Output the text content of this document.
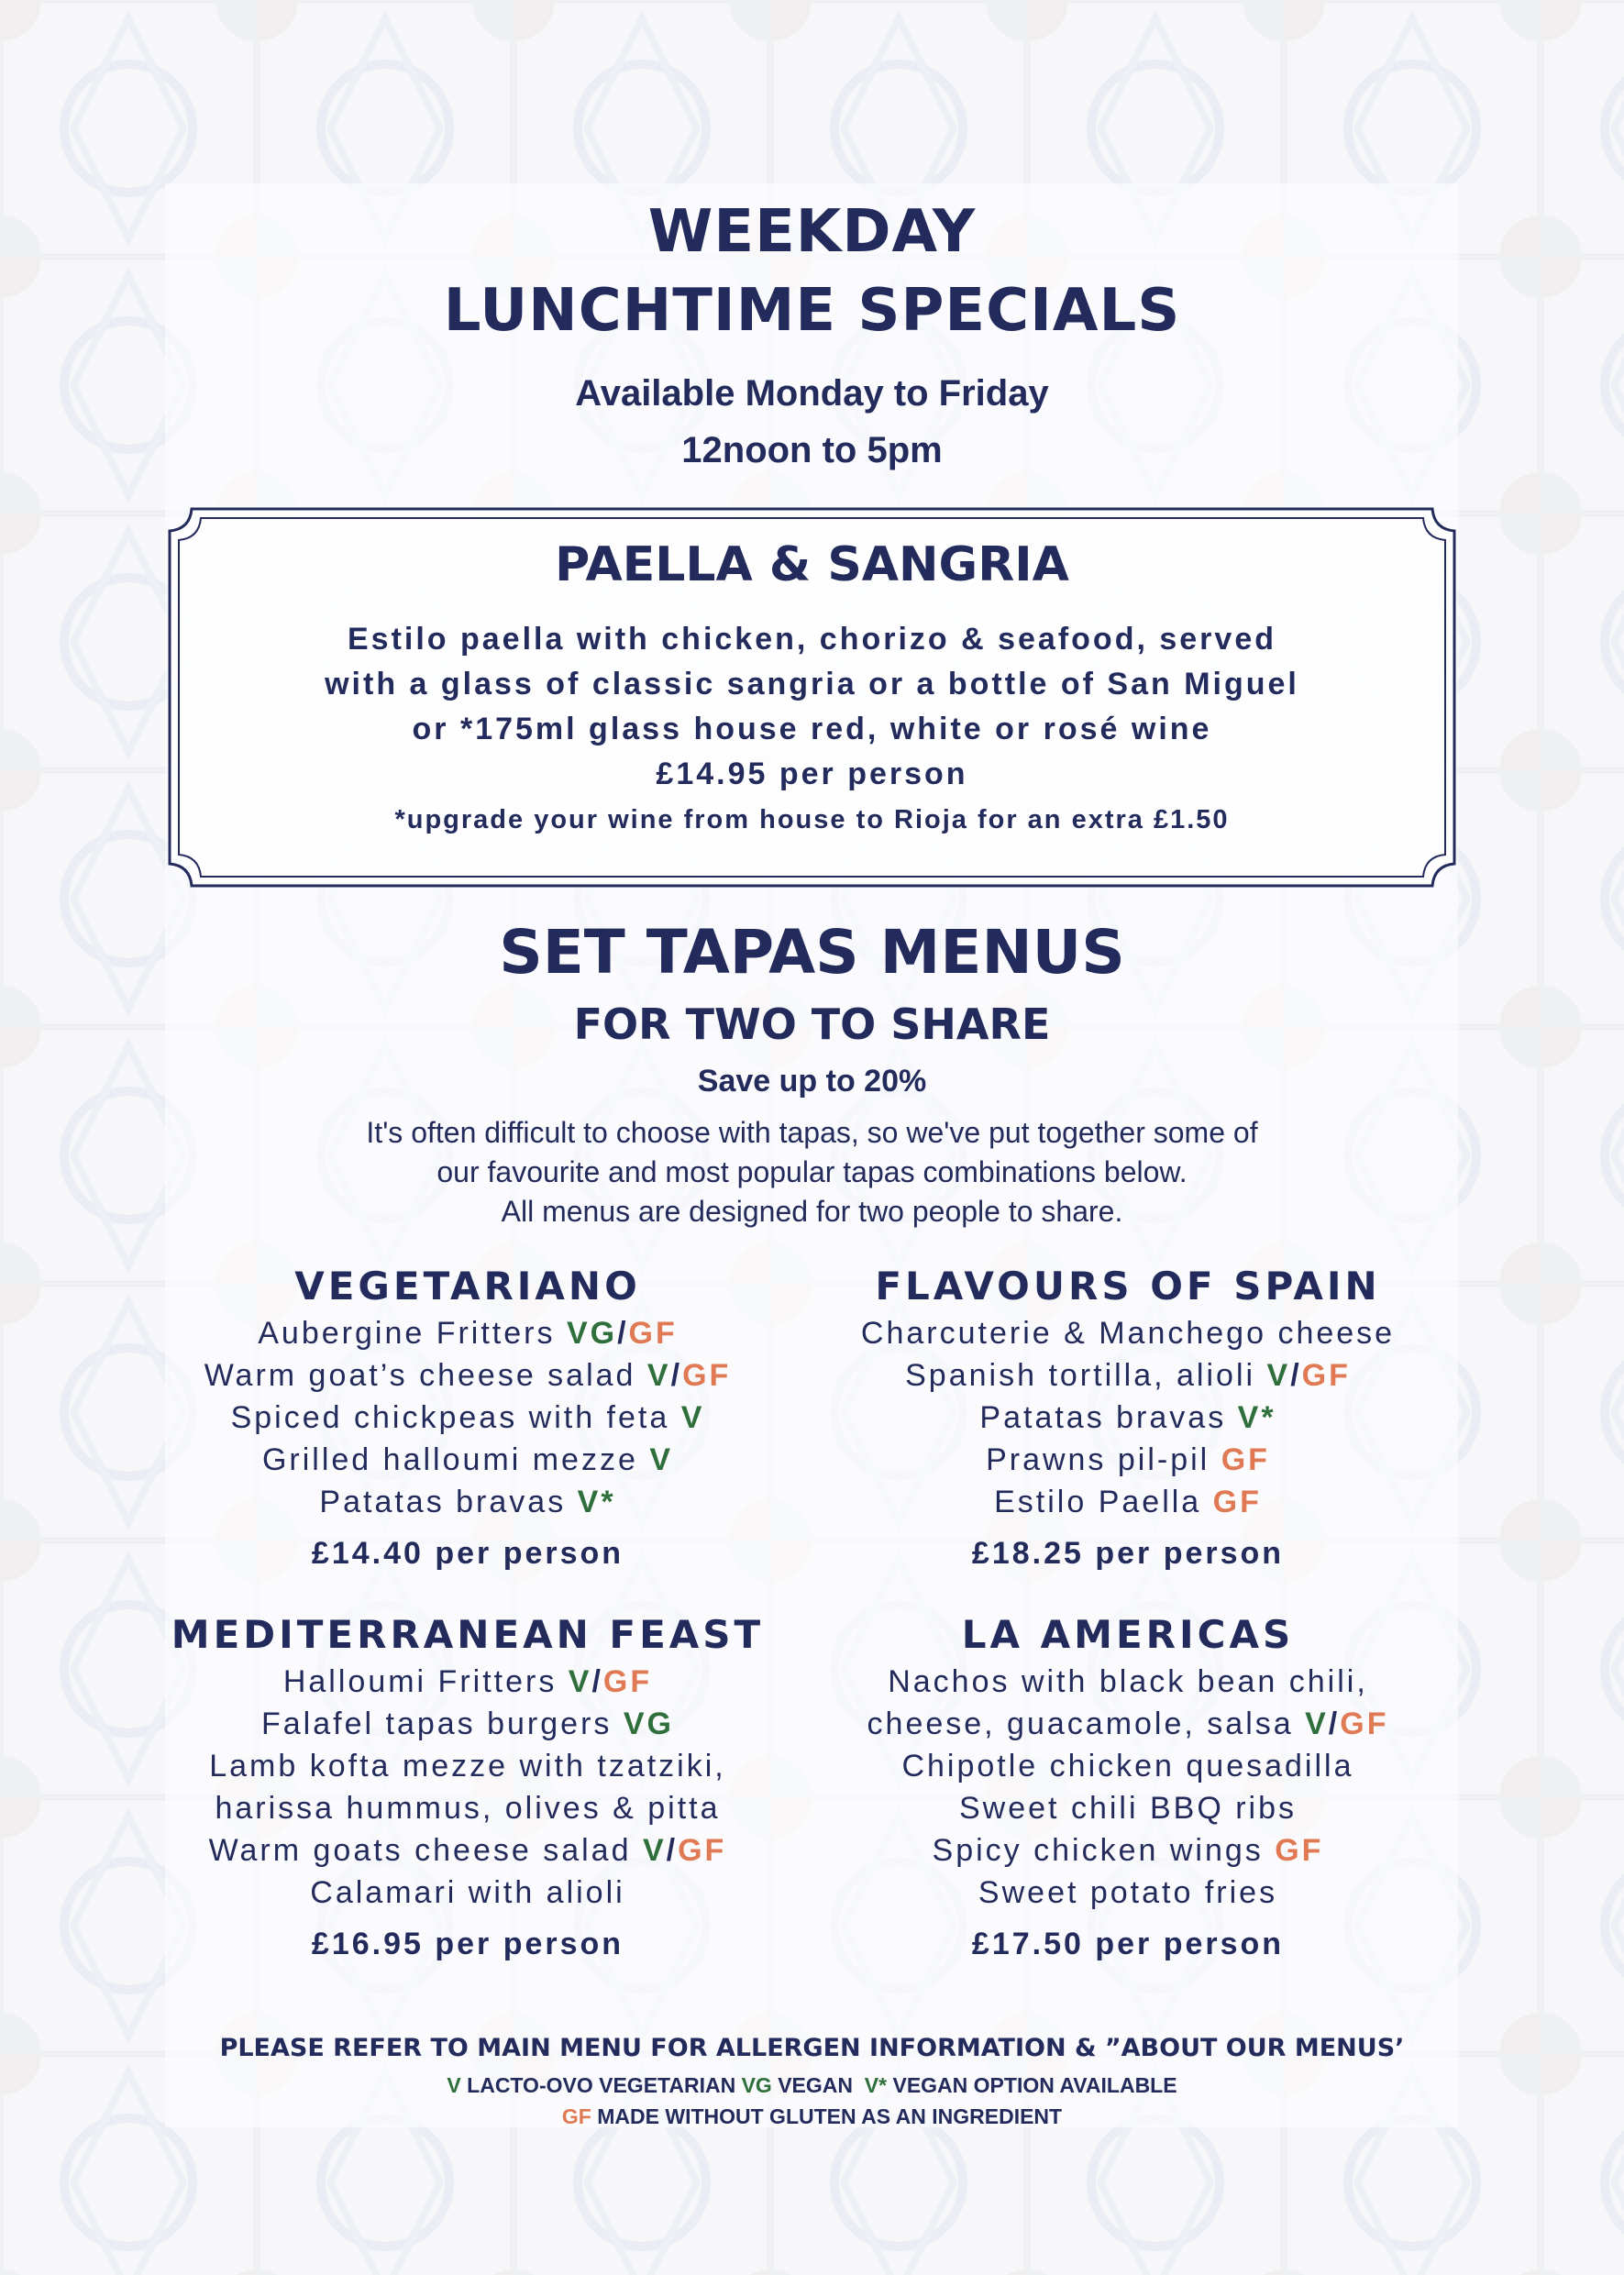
WEEKDAY
LUNCHTIME SPECIALS
Available Monday to Friday
12noon to 5pm
PAELLA & SANGRIA
Estilo paella with chicken, chorizo & seafood, served
with a glass of classic sangria or a bottle of San Miguel
or *175ml glass house red, white or rosé wine
£14.95 per person
*upgrade your wine from house to Rioja for an extra £1.50
SET TAPAS MENUS
FOR TWO TO SHARE
Save up to 20%
It's often difficult to choose with tapas, so we've put together some of
our favourite and most popular tapas combinations below.
All menus are designed for two people to share.
VEGETARIANO
Aubergine Fritters VG/GF
Warm goat’s cheese salad V/GF
Spiced chickpeas with feta V
Grilled halloumi mezze V
Patatas bravas V*
£14.40 per person
FLAVOURS OF SPAIN
Charcuterie & Manchego cheese
Spanish tortilla, alioli V/GF
Patatas bravas V*
Prawns pil-pil GF
Estilo Paella GF
£18.25 per person
MEDITERRANEAN FEAST
Halloumi Fritters V/GF
Falafel tapas burgers VG
Lamb kofta mezze with tzatziki,
harissa hummus, olives & pitta
Warm goats cheese salad V/GF
Calamari with alioli
£16.95 per person
LA AMERICAS
Nachos with black bean chili,
cheese, guacamole, salsa V/GF
Chipotle chicken quesadilla
Sweet chili BBQ ribs
Spicy chicken wings GF
Sweet potato fries
£17.50 per person
PLEASE REFER TO MAIN MENU FOR ALLERGEN INFORMATION & ”ABOUT OUR MENUS’
V LACTO-OVO VEGETARIAN VG VEGAN  V* VEGAN OPTION AVAILABLE
GF MADE WITHOUT GLUTEN AS AN INGREDIENT
